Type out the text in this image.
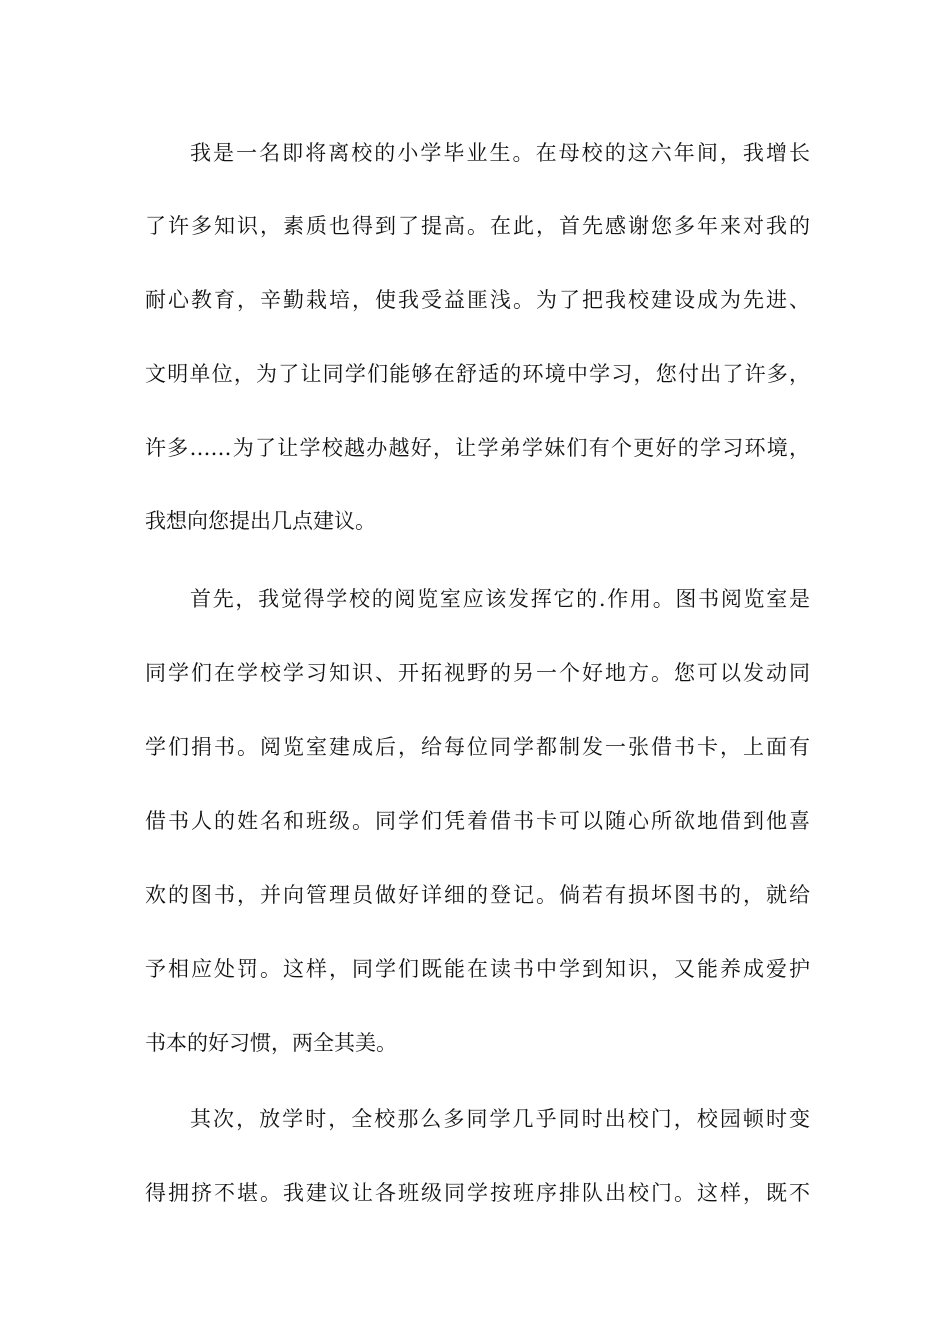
我是一名即将离校的小学毕业生。在母校的这六年间，我增长
了许多知识，素质也得到了提高。在此，首先感谢您多年来对我的
耐心教育，辛勤栽培，使我受益匪浅。为了把我校建设成为先进、
文明单位，为了让同学们能够在舒适的环境中学习，您付出了许多，
许多……为了让学校越办越好，让学弟学妹们有个更好的学习环境，
我想向您提出几点建议。
首先，我觉得学校的阅览室应该发挥它的.作用。图书阅览室是
同学们在学校学习知识、开拓视野的另一个好地方。您可以发动同
学们捐书。阅览室建成后，给每位同学都制发一张借书卡，上面有
借书人的姓名和班级。同学们凭着借书卡可以随心所欲地借到他喜
欢的图书，并向管理员做好详细的登记。倘若有损坏图书的，就给
予相应处罚。这样，同学们既能在读书中学到知识，又能养成爱护
书本的好习惯，两全其美。
其次，放学时，全校那么多同学几乎同时出校门，校园顿时变
得拥挤不堪。我建议让各班级同学按班序排队出校门。这样，既不
